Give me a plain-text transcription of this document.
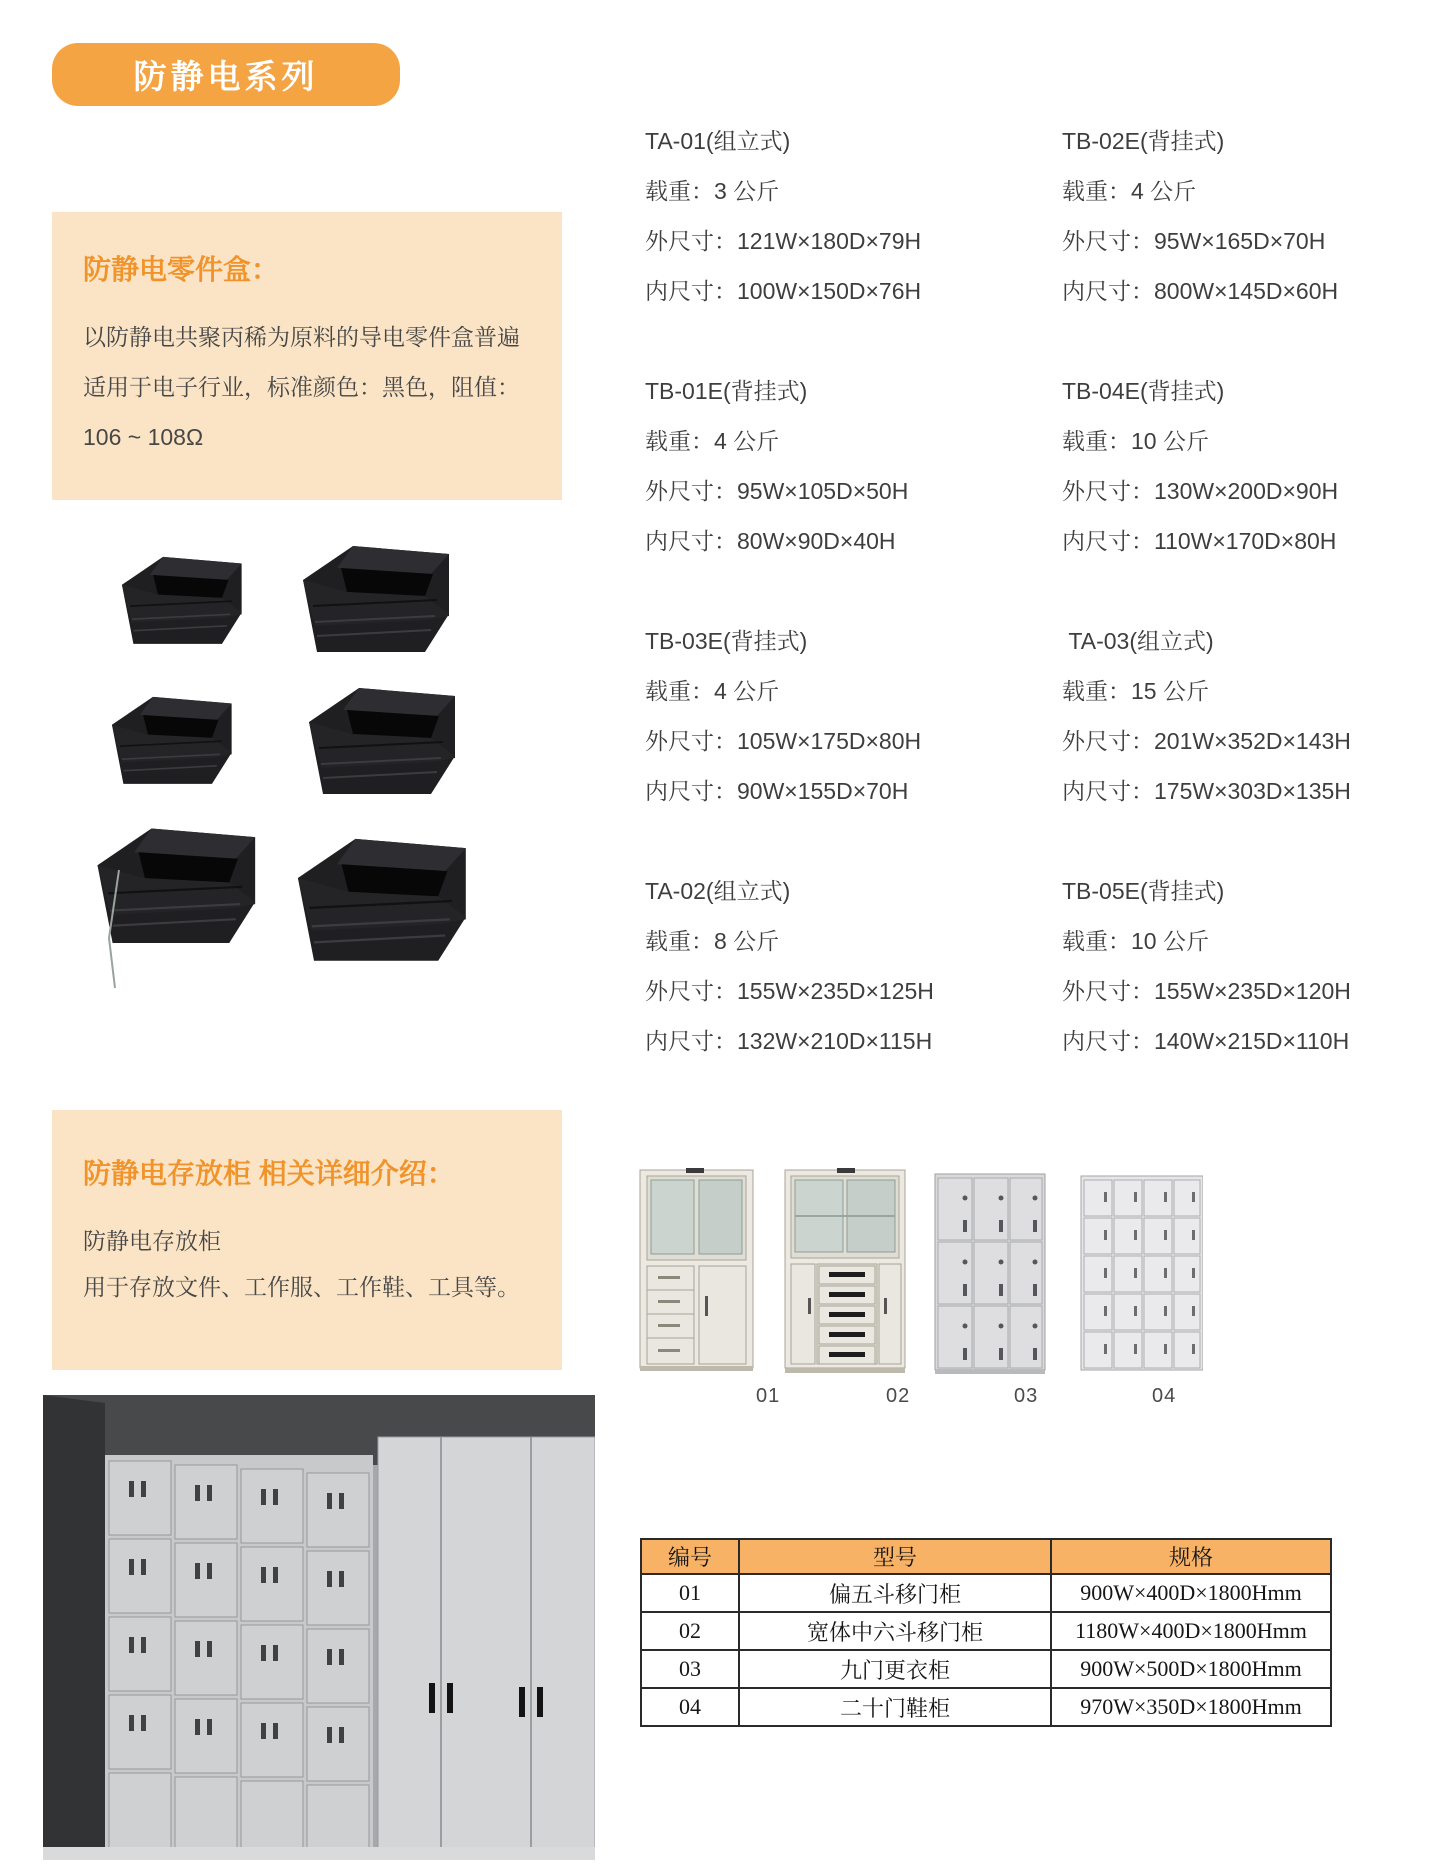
防静电系列
防静电零件盒：
以防静电共聚丙稀为原料的导电零件盒普遍
适用于电子行业，标准颜色：黑色，阻值：
106 ~ 108Ω
TA-01(组立式)
载重：3 公斤
外尺寸：121W×180D×79H
内尺寸：100W×150D×76H
TB-02E(背挂式)
载重：4 公斤
外尺寸：95W×165D×70H
内尺寸：800W×145D×60H
TB-01E(背挂式)
载重：4 公斤
外尺寸：95W×105D×50H
内尺寸：80W×90D×40H
TB-04E(背挂式)
载重：10 公斤
外尺寸：130W×200D×90H
内尺寸：110W×170D×80H
TB-03E(背挂式)
载重：4 公斤
外尺寸：105W×175D×80H
内尺寸：90W×155D×70H
TA-03(组立式)
载重：15 公斤
外尺寸：201W×352D×143H
内尺寸：175W×303D×135H
TA-02(组立式)
载重：8 公斤
外尺寸：155W×235D×125H
内尺寸：132W×210D×115H
TB-05E(背挂式)
载重：10 公斤
外尺寸：155W×235D×120H
内尺寸：140W×215D×110H
防静电存放柜 相关详细介绍：
防静电存放柜
用于存放文件、工作服、工作鞋、工具等。
01	02	03	04
编号	型号	规格
01	偏五斗移门柜	900W×400D×1800Hmm
02	宽体中六斗移门柜	1180W×400D×1800Hmm
03	九门更衣柜	900W×500D×1800Hmm
04	二十门鞋柜	970W×350D×1800Hmm
